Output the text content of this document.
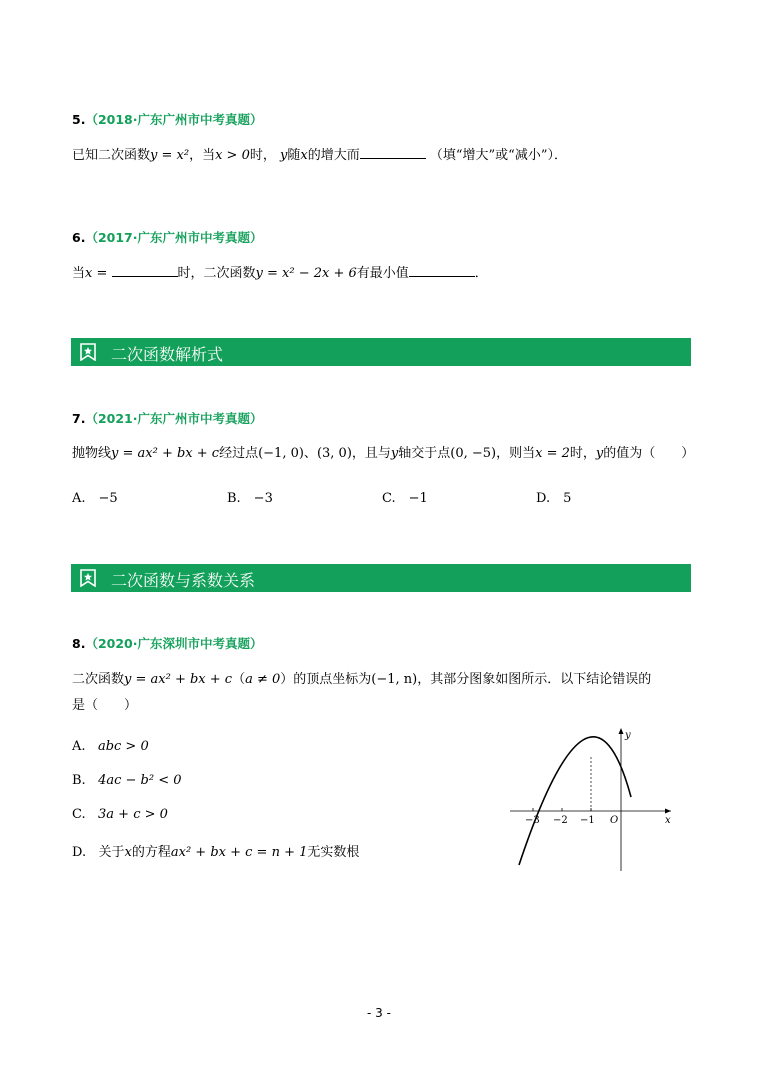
5.（2018·广东广州市中考真题）
已知二次函数y = x²，当x > 0时， y随x的增大而	（填“增大”或“减小”）．
6.（2017·广东广州市中考真题）
当x =	时，二次函数y = x² − 2x + 6有最小值	．
二次函数解析式
7.（2021·广东广州市中考真题）
抛物线y = ax² + bx + c经过点(−1, 0)、(3, 0)，且与y轴交于点(0, −5)，则当x = 2时，y的值为（　　）
A.　−5	B.　−3	C.　−1	D.　5
二次函数与系数关系
8.（2020·广东深圳市中考真题）
二次函数y = ax² + bx + c（a ≠ 0）的顶点坐标为(−1, n)，其部分图象如图所示．以下结论错误的
是（　　）
A. abc > 0
B. 4ac − b² < 0
C. 3a + c > 0
D. 关于x的方程ax² + bx + c = n + 1无实数根
−3 −2 −1 O	x
y
- 3 -
